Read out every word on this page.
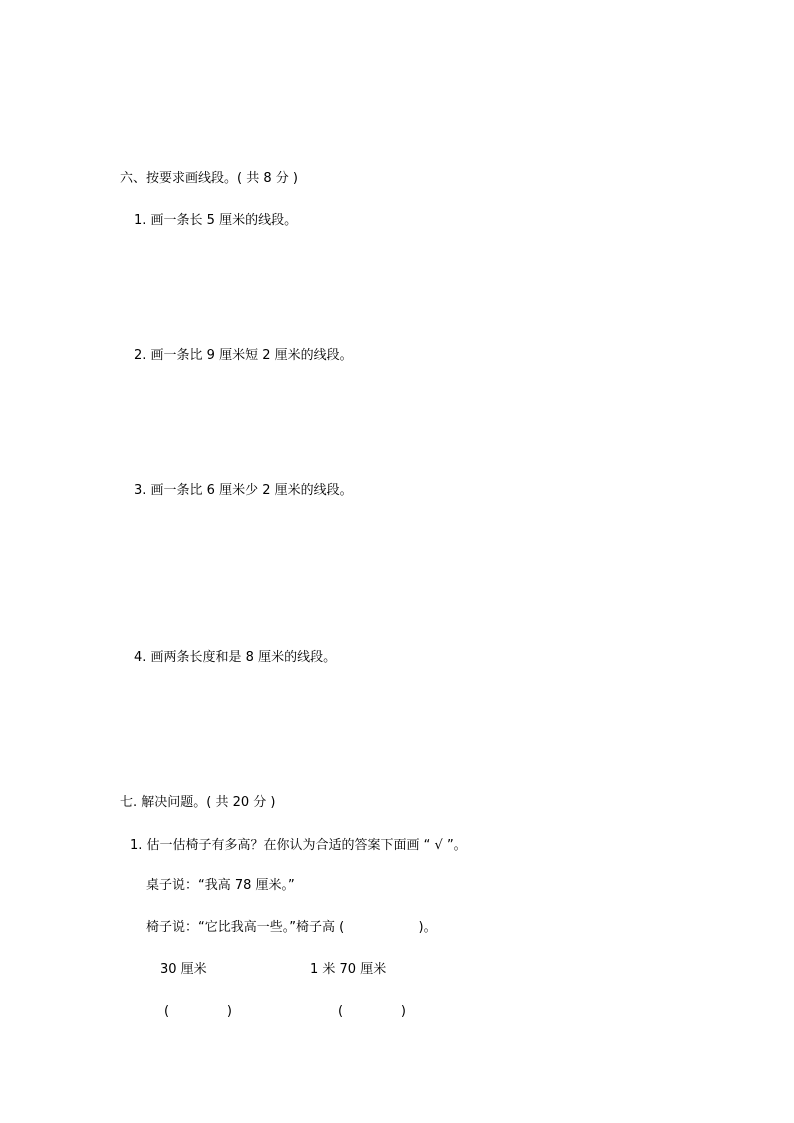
六、按要求画线段。( 共 8 分 )
1. 画一条长 5 厘米的线段。
2. 画一条比 9 厘米短 2 厘米的线段。
3. 画一条比 6 厘米少 2 厘米的线段。
4. 画两条长度和是 8 厘米的线段。
七. 解决问题。( 共 20 分 )
1. 估一估椅子有多高？在你认为合适的答案下面画 “ √ ”。
桌子说：“我高 78 厘米。”
椅子说：“它比我高一些。”椅子高 (                  )。
30 厘米	1 米 70 厘米
(              )	(              )
